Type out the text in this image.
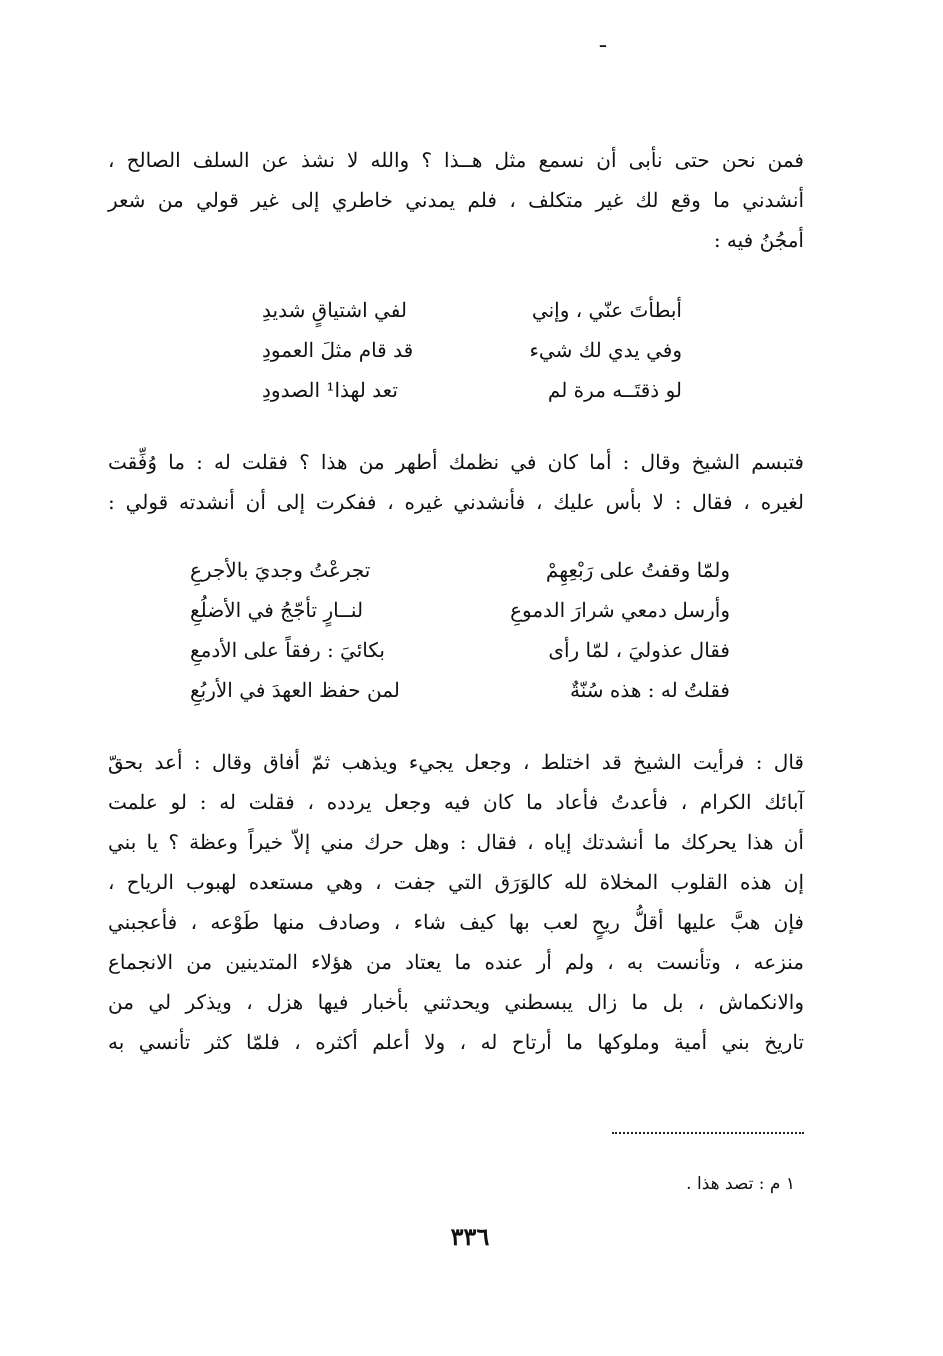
ـ

فمن نحن حتى نأبى أن نسمع مثل هــذا ؟ والله لا نشذ عن السلف الصالح ،
أنشدني ما وقع لك غير متكلف ، فلم يمدني خاطري إلى غير قولي من شعر
أمجُنُ فيه :

أبطأتَ عنّي ، وإني
لفي اشتياقٍ شديدِ
وفي يدي لك شيء
قد قام مثلَ العمودِ
لو ذقتَــه مرة لم
تعد لهذا¹ الصدودِ

فتبسم الشيخ وقال : أما كان في نظمك أطهر من هذا ؟ فقلت له : ما وُفِّقت
لغيره ، فقال : لا بأس عليك ، فأنشدني غيره ، ففكرت إلى أن أنشدته قولي :

ولمّا وقفتُ على رَبْعِهِمْ
تجرعْتُ وجديَ بالأجرعِ
وأرسل دمعي شرارَ الدموعِ
لنــارٍ تأجّجُ في الأضلُعِ
فقال عذوليَ ، لمّا رأى
بكائيَ : رفقاً على الأدمعِ
فقلتُ له : هذه سُنّةٌ
لمن حفظ العهدَ في الأربُعِ

قال : فرأيت الشيخ قد اختلط ، وجعل يجيء ويذهب ثمّ أفاق وقال : أعد بحقّ
آبائك الكرام ، فأعدتُ فأعاد ما كان فيه وجعل يردده ، فقلت له : لو علمت
أن هذا يحركك ما أنشدتك إياه ، فقال : وهل حرك مني إلاّ خيراً وعظة ؟ يا بني
إن هذه القلوب المخلاة لله كالوَرَق التي جفت ، وهي مستعده لهبوب الرياح ،
فإن هبَّ عليها أقلُّ ريحٍ لعب بها كيف شاء ، وصادف منها طَوْعه ، فأعجبني
منزعه ، وتأنست به ، ولم أر عنده ما يعتاد من هؤلاء المتدينين من الانجماع
والانكماش ، بل ما زال يبسطني ويحدثني بأخبار فيها هزل ، ويذكر لي من
تاريخ بني أمية وملوكها ما أرتاح له ، ولا أعلم أكثره ، فلمّا كثر تأنسي به

١ م : تصد هذا .
٣٣٦
